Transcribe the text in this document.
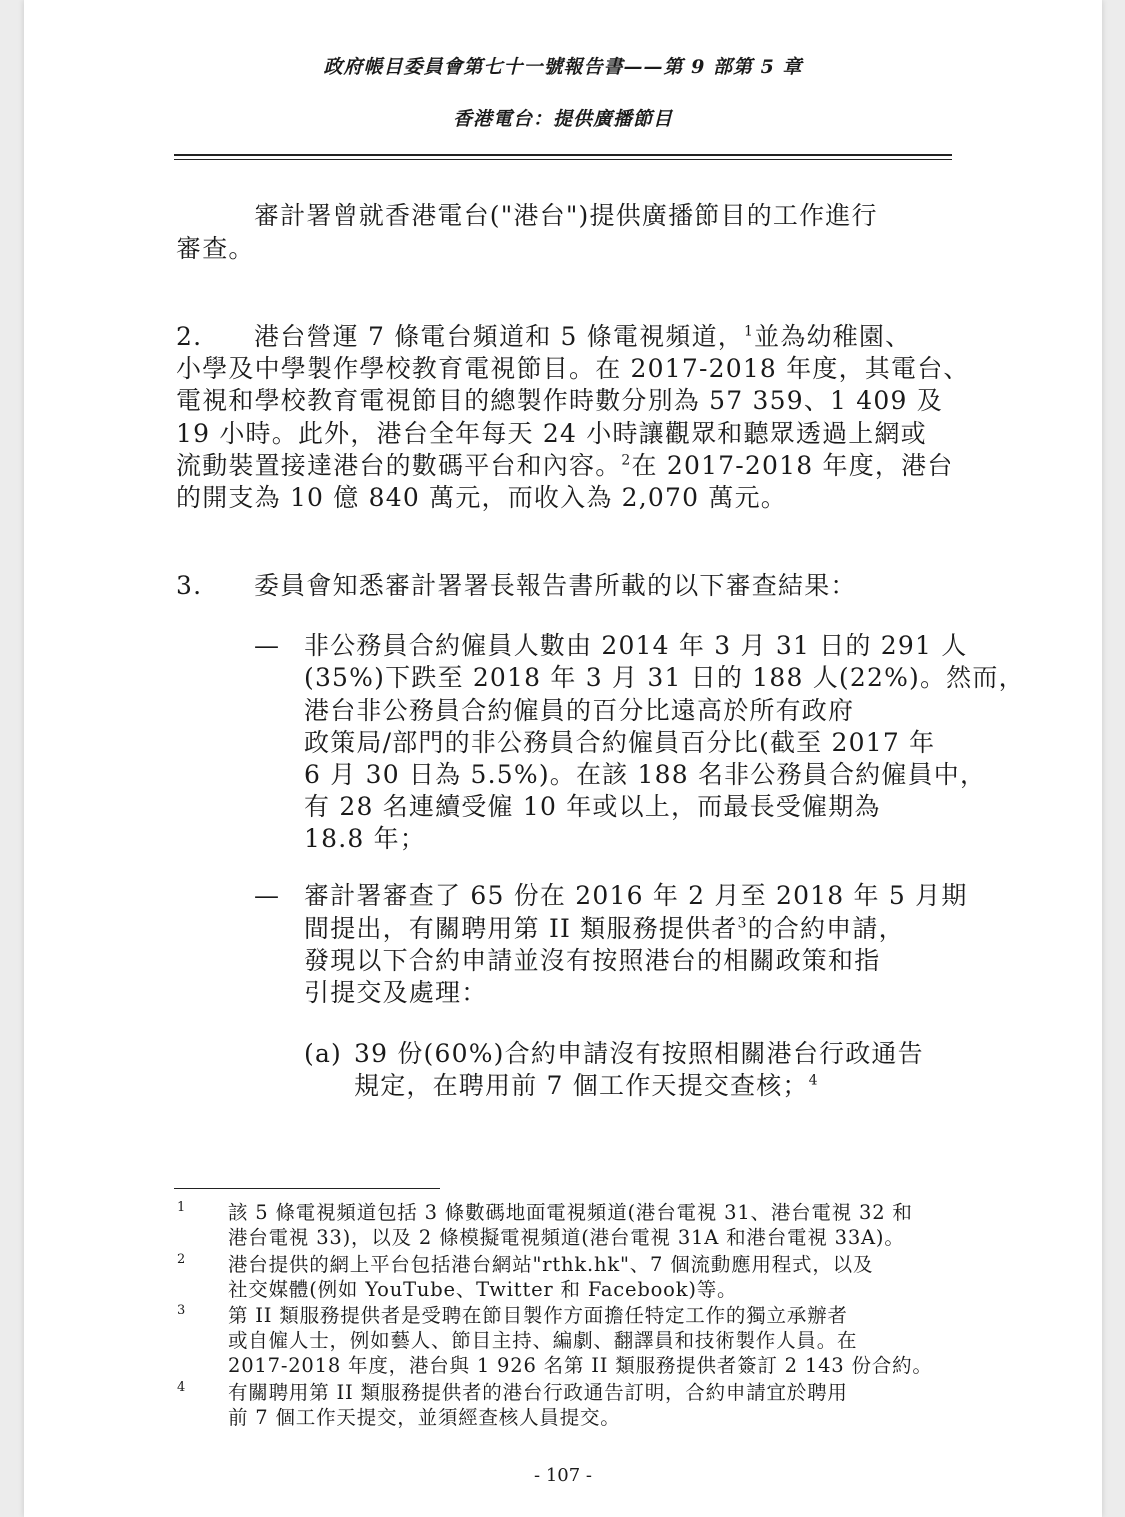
政府帳目委員會第七十一號報告書——第 9 部第 5 章
香港電台：提供廣播節目
審計署曾就香港電台("港台")提供廣播節目的工作進行
審查。
2. 港台營運 7 條電台頻道和 5 條電視頻道，$^1$並為幼稚園、
小學及中學製作學校教育電視節目。在 2017-2018 年度，其電台、
電視和學校教育電視節目的總製作時數分別為 57 359、1 409 及
19 小時。此外，港台全年每天 24 小時讓觀眾和聽眾透過上網或
流動裝置接達港台的數碼平台和內容。$^2$在 2017-2018 年度，港台
的開支為 10 億 840 萬元，而收入為 2,070 萬元。
3. 委員會知悉審計署署長報告書所載的以下審查結果：
— 非公務員合約僱員人數由 2014 年 3 月 31 日的 291 人
(35%)下跌至 2018 年 3 月 31 日的 188 人(22%)。然而，
港台非公務員合約僱員的百分比遠高於所有政府
政策局/部門的非公務員合約僱員百分比(截至 2017 年
6 月 30 日為 5.5%)。在該 188 名非公務員合約僱員中，
有 28 名連續受僱 10 年或以上，而最長受僱期為
18.8 年；
— 審計署審查了 65 份在 2016 年 2 月至 2018 年 5 月期
間提出，有關聘用第 II 類服務提供者$^3$的合約申請，
發現以下合約申請並沒有按照港台的相關政策和指
引提交及處理：
(a) 39 份(60%)合約申請沒有按照相關港台行政通告
規定，在聘用前 7 個工作天提交查核；$^4$
1 該 5 條電視頻道包括 3 條數碼地面電視頻道(港台電視 31、港台電視 32 和
港台電視 33)，以及 2 條模擬電視頻道(港台電視 31A 和港台電視 33A)。
2 港台提供的網上平台包括港台網站"rthk.hk"、7 個流動應用程式，以及
社交媒體(例如 YouTube、Twitter 和 Facebook)等。
3 第 II 類服務提供者是受聘在節目製作方面擔任特定工作的獨立承辦者
或自僱人士，例如藝人、節目主持、編劇、翻譯員和技術製作人員。在
2017-2018 年度，港台與 1 926 名第 II 類服務提供者簽訂 2 143 份合約。
4 有關聘用第 II 類服務提供者的港台行政通告訂明，合約申請宜於聘用
前 7 個工作天提交，並須經查核人員提交。
- 107 -
